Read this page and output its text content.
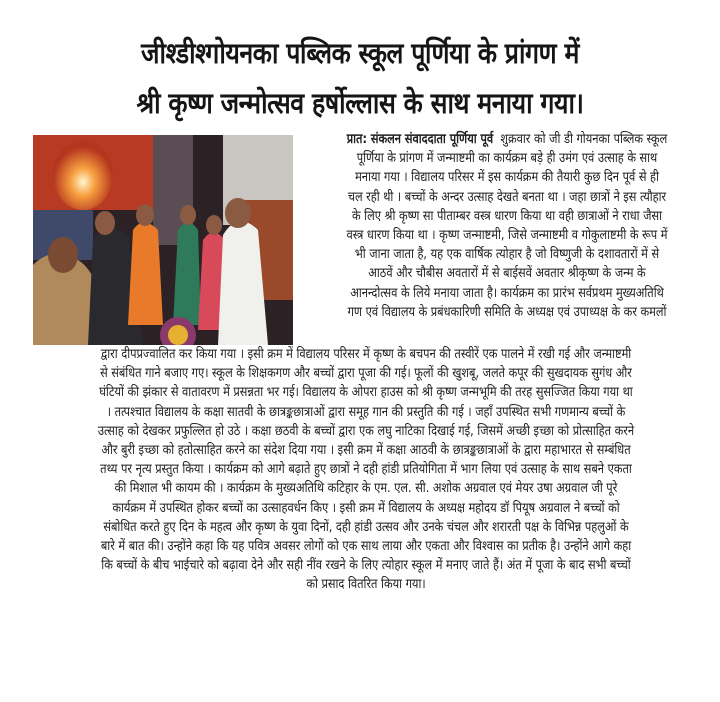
जीश्डीश्गोयनका पब्लिक स्कूल पूर्णिया के प्रांगण में
श्री कृष्ण जन्मोत्सव हर्षोल्लास के साथ मनाया गया।
प्रात: संकलन संवाददाता पूर्णिया पूर्व शुक्रवार को जी डी गोयनका पब्लिक स्कूल
पूर्णिया के प्रांगण में जन्माष्टमी का कार्यक्रम बड़े ही उमंग एवं उत्साह के साथ
मनाया गया । विद्यालय परिसर में इस कार्यक्रम की तैयारी कुछ दिन पूर्व से ही
चल रही थी । बच्चों के अन्दर उत्साह देखते बनता था । जहा छात्रों ने इस त्यौहार
के लिए श्री कृष्ण सा पीताम्बर वस्त्र धारण किया था वही छात्राओं ने राधा जैसा
वस्त्र धारण किया था । कृष्ण जन्माष्टमी, जिसे जन्माष्टमी व गोकुलाष्टमी के रूप में
भी जाना जाता है, यह एक वार्षिक त्योहार है जो विष्णुजी के दशावतारों में से
आठवें और चौबीस अवतारों में से बाईसवें अवतार श्रीकृष्ण के जन्म के
आनन्दोत्सव के लिये मनाया जाता है। कार्यक्रम का प्रारंभ सर्वप्रथम मुख्यअतिथि
गण एवं विद्यालय के प्रबंधकारिणी समिति के अध्यक्ष एवं उपाध्यक्ष के कर कमलों
द्वारा दीपप्रज्वालित कर किया गया । इसी क्रम में विद्यालय परिसर में कृष्ण के बचपन की तस्वीरें एक पालने में रखी गई और जन्माष्टमी
से संबंधित गाने बजाए गए। स्कूल के शिक्षकगण और बच्चों द्वारा पूजा की गई। फूलों की खुशबू, जलते कपूर की सुखदायक सुगंध और
घंटियों की झंकार से वातावरण में प्रसन्नता भर गई। विद्यालय के ओपरा हाउस को श्री कृष्ण जन्मभूमि की तरह सुसज्जित किया गया था
। तत्पश्चात विद्यालय के कक्षा सातवी के छात्रङ्कछात्राओं द्वारा समूह गान की प्रस्तुति की गई । जहाँ उपस्थित सभी गणमान्य बच्चों के
उत्साह को देखकर प्रफुल्लित हो उठे । कक्षा छठवी के बच्चों द्वारा एक लघु नाटिका दिखाई गई, जिसमें अच्छी इच्छा को प्रोत्साहित करने
और बुरी इच्छा को हतोत्साहित करने का संदेश दिया गया । इसी क्रम में कक्षा आठवी के छात्रङ्कछात्राओं के द्वारा महाभारत से सम्बंधित
तथ्य पर नृत्य प्रस्तुत किया । कार्यक्रम को आगे बढ़ाते हुए छात्रों ने दही हांडी प्रतियोगिता में भाग लिया एवं उत्साह के साथ सबने एकता
की मिशाल भी कायम की । कार्यक्रम के मुख्यअतिथि कटिहार के एम. एल. सी. अशोक अग्रवाल एवं मेयर उषा अग्रवाल जी पूरे
कार्यक्रम में उपस्थित होकर बच्चों का उत्साहवर्धन किए । इसी क्रम में विद्यालय के अध्यक्ष महोदय डॉ पियूष अग्रवाल ने बच्चों को
संबोधित करते हुए दिन के महत्व और कृष्ण के युवा दिनों, दही हांडी उत्सव और उनके चंचल और शरारती पक्ष के विभिन्न पहलुओं के
बारे में बात की। उन्होंने कहा कि यह पवित्र अवसर लोगों को एक साथ लाया और एकता और विश्वास का प्रतीक है। उन्होंने आगे कहा
कि बच्चों के बीच भाईचारे को बढ़ावा देने और सही नींव रखने के लिए त्योहार स्कूल में मनाए जाते हैं। अंत में पूजा के बाद सभी बच्चों
को प्रसाद वितरित किया गया।
